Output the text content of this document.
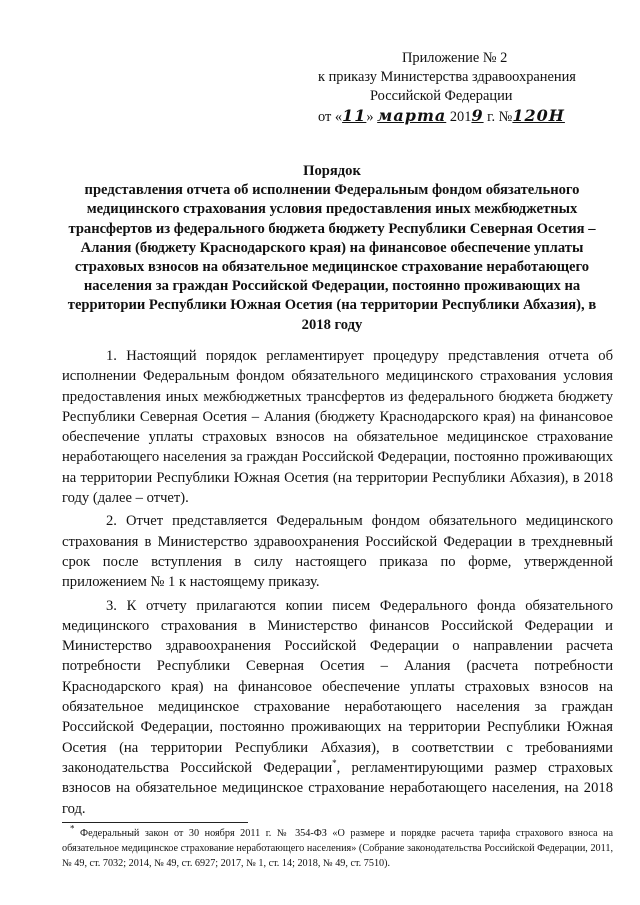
Приложение № 2
к приказу Министерства здравоохранения
Российской Федерации
от «11» марта 2019 г. №120Н
Порядок
представления отчета об исполнении Федеральным фондом обязательного медицинского страхования условия предоставления иных межбюджетных трансфертов из федерального бюджета бюджету Республики Северная Осетия – Алания (бюджету Краснодарского края) на финансовое обеспечение уплаты страховых взносов на обязательное медицинское страхование неработающего населения за граждан Российской Федерации, постоянно проживающих на территории Республики Южная Осетия (на территории Республики Абхазия), в 2018 году

1. Настоящий порядок регламентирует процедуру представления отчета об исполнении Федеральным фондом обязательного медицинского страхования условия предоставления иных межбюджетных трансфертов из федерального бюджета бюджету Республики Северная Осетия – Алания (бюджету Краснодарского края) на финансовое обеспечение уплаты страховых взносов на обязательное медицинское страхование неработающего населения за граждан Российской Федерации, постоянно проживающих на территории Республики Южная Осетия (на территории Республики Абхазия), в 2018 году (далее – отчет).

2. Отчет представляется Федеральным фондом обязательного медицинского страхования в Министерство здравоохранения Российской Федерации в трехдневный срок после вступления в силу настоящего приказа по форме, утвержденной приложением № 1 к настоящему приказу.

3. К отчету прилагаются копии писем Федерального фонда обязательного медицинского страхования в Министерство финансов Российской Федерации и Министерство здравоохранения Российской Федерации о направлении расчета потребности Республики Северная Осетия – Алания (расчета потребности Краснодарского края) на финансовое обеспечение уплаты страховых взносов на обязательное медицинское страхование неработающего населения за граждан Российской Федерации, постоянно проживающих на территории Республики Южная Осетия (на территории Республики Абхазия), в соответствии с требованиями законодательства Российской Федерации*, регламентирующими размер страховых взносов на обязательное медицинское страхование неработающего населения, на 2018 год.

* Федеральный закон от 30 ноября 2011 г. № 354-ФЗ «О размере и порядке расчета тарифа страхового взноса на обязательное медицинское страхование неработающего населения» (Собрание законодательства Российской Федерации, 2011, № 49, ст. 7032; 2014, № 49, ст. 6927; 2017, № 1, ст. 14; 2018, № 49, ст. 7510).
